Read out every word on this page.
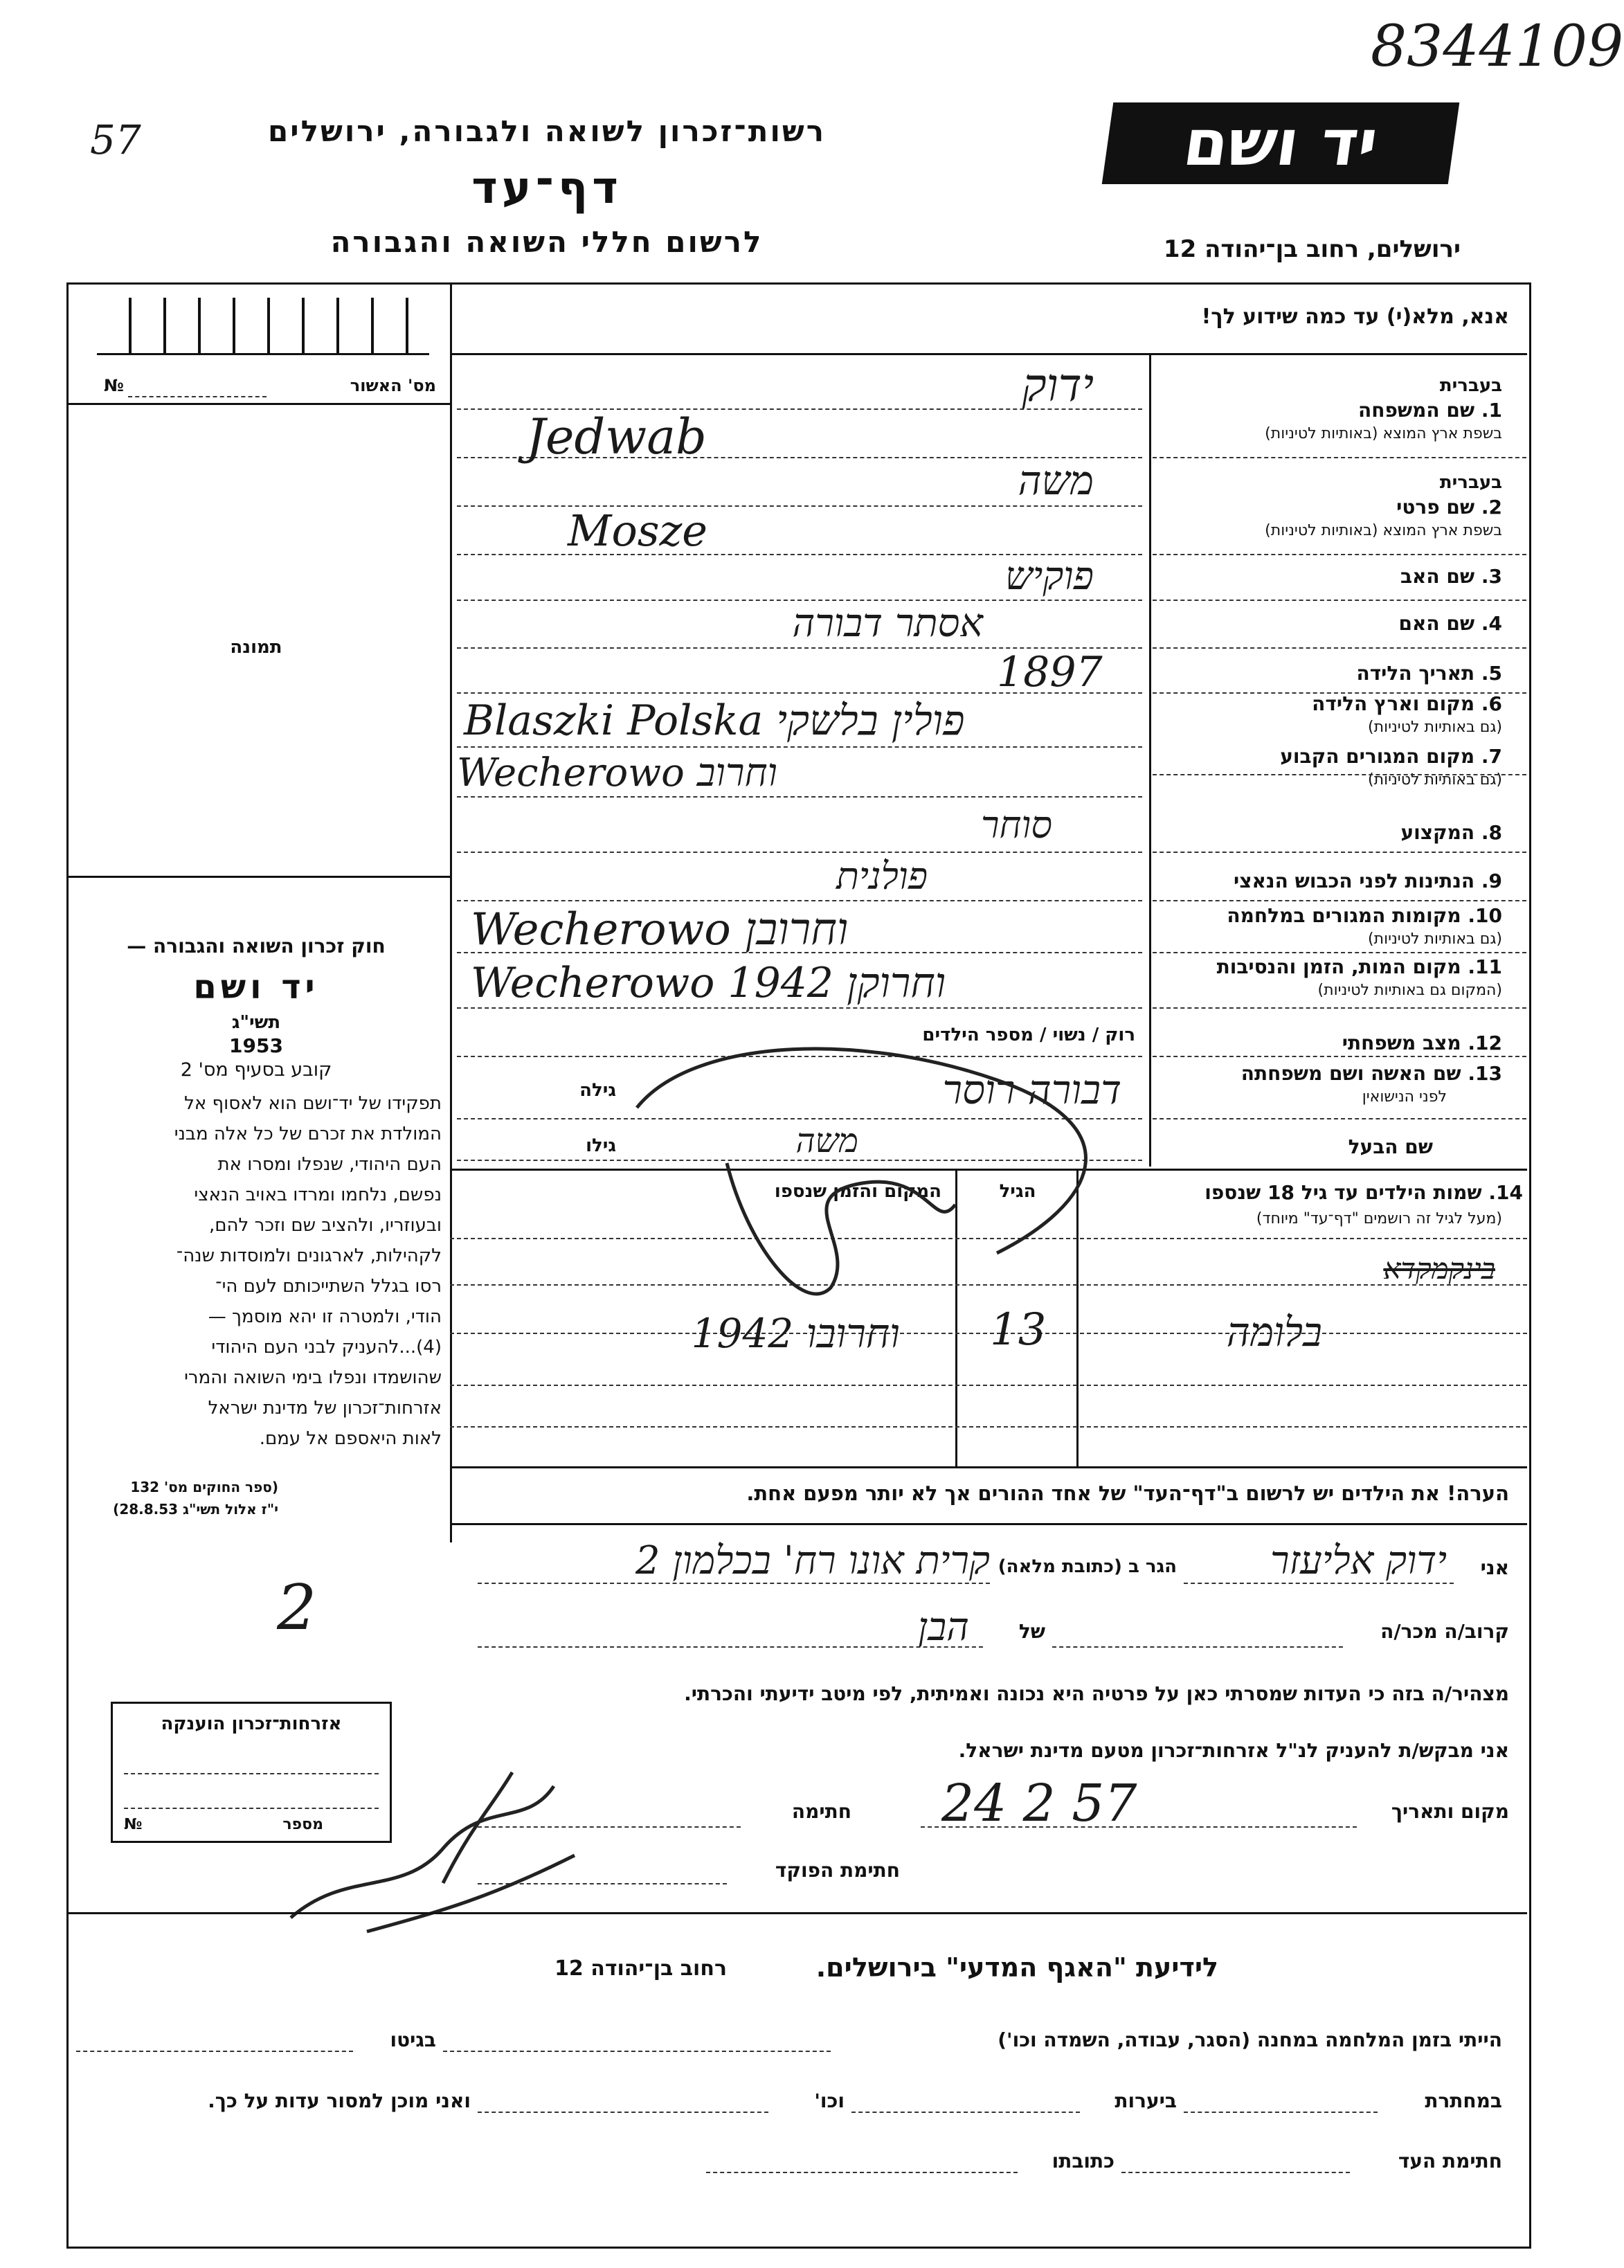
8344109
57	רשות־זכרון לשואה ולגבורה, ירושלים
דף־עד
לרשום חללי השואה והגבורה
יד ושם
ירושלים, רחוב בן־יהודה 12
אנא, מלא(י) עד כמה שידוע לך!
מס' האשור
№
תמונה
חוק זכרון השואה והגבורה —
יד ושם
תשי"ג
1953
קובע בסעיף מס' 2
תפקידו של יד־ושם הוא לאסוף אל
המולדת את זכרם של כל אלה מבני
העם היהודי, שנפלו ומסרו את
נפשם, נלחמו ומרדו באויב הנאצי
ובעוזריו, ולהציב שם וזכר להם,
לקהילות, לארגונים ולמוסדות שנה־
רסו בגלל השתייכותם לעם הי־
הודי, ולמטרה זו יהא מוסמך —
(4)...להעניק לבני העם היהודי
שהושמדו ונפלו בימי השואה והמרי
אזרחות־זכרון של מדינת ישראל
לאות היאספם אל עמם.
(ספר החוקים מס' 132
י"ז אלול תשי"ג 28.8.53)
אזרחות־זכרון הוענקה
מספר
№
בעברית
1. שם המשפחה
בשפת ארץ המוצא (באותיות לטיניות)
בעברית
2. שם פרטי
בשפת ארץ המוצא (באותיות לטיניות)
3. שם האב
4. שם האם
5. תאריך הלידה
6. מקום וארץ הלידה
(גם באותיות לטיניות)
7. מקום המגורים הקבוע
(גם באותיות לטיניות)
8. המקצוע
9. הנתינות לפני הכבוש הנאצי
10. מקומות המגורים במלחמה
(גם באותיות לטיניות)
11. מקום המות, הזמן והנסיבות
(המקום גם באותיות לטיניות)
12. מצב משפחתי
13. שם האשה ושם משפחתה
לפני הנישואין
שם הבעל
ידוק
Jedwab
משה
Mosze
פוקיש
אסתר דבורה
1897
Blaszki Polska פולין בלשקי
Wecherowo וחרוב
סוחר
פולנית
Wecherowo וחרובן
Wecherowo וחרוקן 1942
רוק / נשוי / מספר הילדים
דבורה רוסר
גילה
משה
גילו
14. שמות הילדים עד גיל 18 שנספו
(מעל לגיל זה רושמים "דף־עד" מיוחד)
הגיל
המקום והזמן שנספו
בינקמקדא
בלומה
13
וחרובו 1942
הערה! את הילדים יש לרשום ב"דף־העד" של אחד ההורים אך לא יותר מפעם אחת.
אני
ידוק אליעזר
הגר ב (כתובת מלאה)
קרית אונו רח' בכלמון 2
קרוב/ה מכר/ה
של
הבן
מצהיר/ה בזה כי העדות שמסרתי כאן על פרטיה היא נכונה ואמיתית, לפי מיטב ידיעתי והכרתי.
אני מבקש/ת להעניק לנ"ל אזרחות־זכרון מטעם מדינת ישראל.
מקום ותאריך
24 2 57
חתימה
חתימת הפוקד
2
לידיעת "האגף המדעי" בירושלים.
רחוב בן־יהודה 12
הייתי בזמן המלחמה במחנה (הסגר, עבודה, השמדה וכו')
בגיטו
במחתרת
ביערות
וכו'
ואני מוכן למסור עדות על כך.
חתימת העד
כתובתו
